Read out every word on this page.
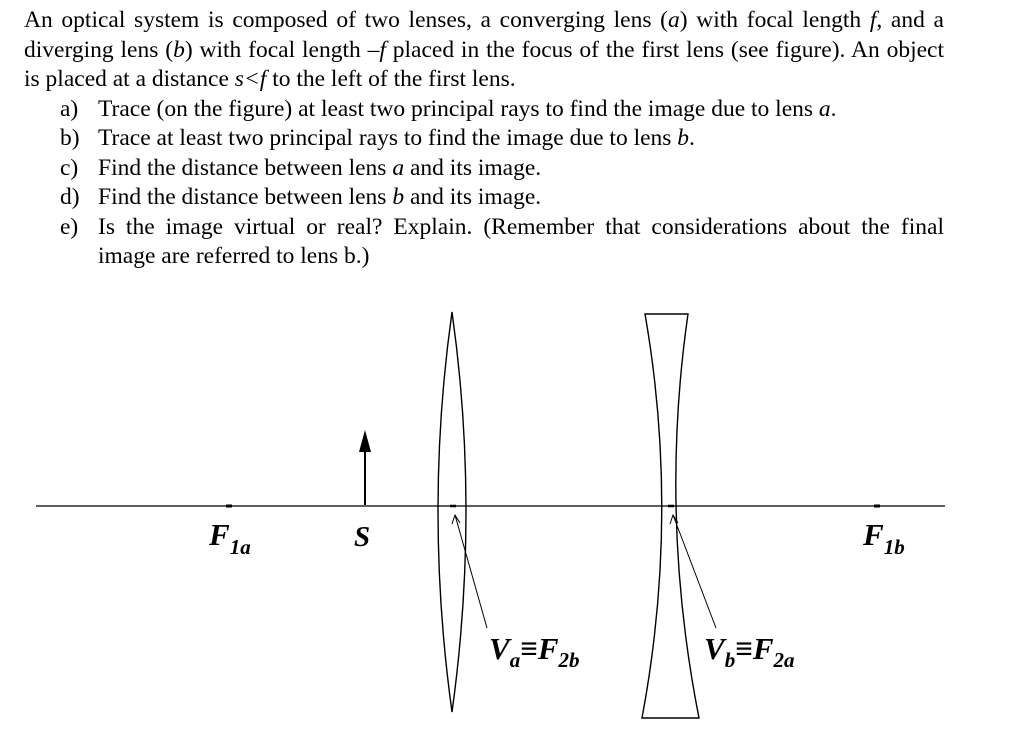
An optical system is composed of two lenses, a converging lens (a) with focal length f, and a diverging lens (b) with focal length –f placed in the focus of the first lens (see figure). An object is placed at a distance s<f to the left of the first lens.

a) Trace (on the figure) at least two principal rays to find the image due to lens a.
b) Trace at least two principal rays to find the image due to lens b.
c) Find the distance between lens a and its image.
d) Find the distance between lens b and its image.
e) Is the image virtual or real? Explain. (Remember that considerations about the final image are referred to lens b.)
$F_{1a}$	S	$F_{1b}$
$V_a\equiv F_{2b}$	$V_b\equiv F_{2a}$
